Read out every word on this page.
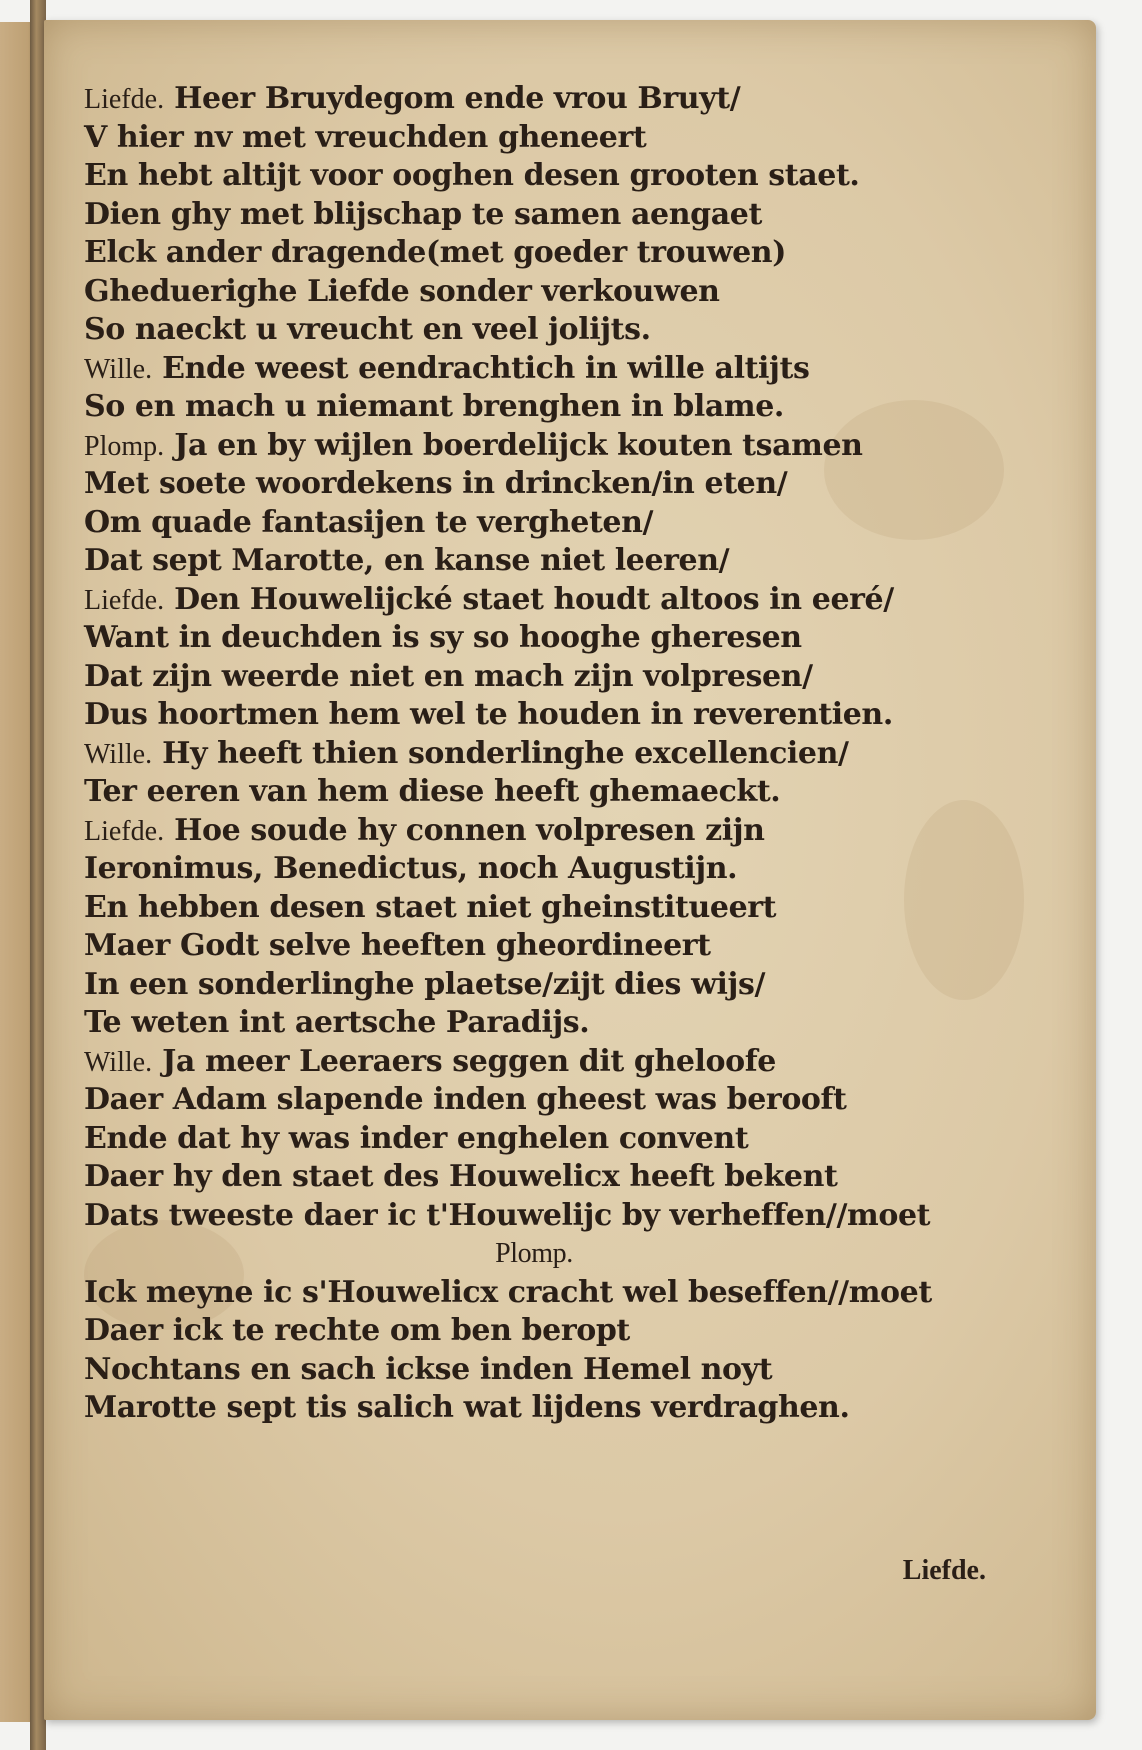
Liefde. Heer Bruydegom ende vrou Bruyt/
V hier nv met vreuchden gheneert
En hebt altijt voor ooghen desen grooten staet.
Dien ghy met blijschap te samen aengaet
Elck ander dragende(met goeder trouwen)
Gheduerighe Liefde sonder verkouwen
So naeckt u vreucht en veel jolijts.
Wille. Ende weest eendrachtich in wille altijts
So en mach u niemant brenghen in blame.
Plomp. Ja en by wijlen boerdelijck kouten tsamen
Met soete woordekens in drincken/in eten/
Om quade fantasijen te vergheten/
Dat sept Marotte, en kanse niet leeren/
Liefde. Den Houwelijcké staet houdt altoos in eeré/
Want in deuchden is sy so hooghe gheresen
Dat zijn weerde niet en mach zijn volpresen/
Dus hoortmen hem wel te houden in reverentien.
Wille. Hy heeft thien sonderlinghe excellencien/
Ter eeren van hem diese heeft ghemaeckt.
Liefde. Hoe soude hy connen volpresen zijn
Ieronimus, Benedictus, noch Augustijn.
En hebben desen staet niet gheinstitueert
Maer Godt selve heeften gheordineert
In een sonderlinghe plaetse/zijt dies wijs/
Te weten int aertsche Paradijs.
Wille. Ja meer Leeraers seggen dit gheloofe
Daer Adam slapende inden gheest was berooft
Ende dat hy was inder enghelen convent
Daer hy den staet des Houwelicx heeft bekent
Dats tweeste daer ic t'Houwelijc by verheffen//moet
Plomp.
Ick meyne ic s'Houwelicx cracht wel beseffen//moet
Daer ick te rechte om ben beropt
Nochtans en sach ickse inden Hemel noyt
Marotte sept tis salich wat lijdens verdraghen.
Liefde.
